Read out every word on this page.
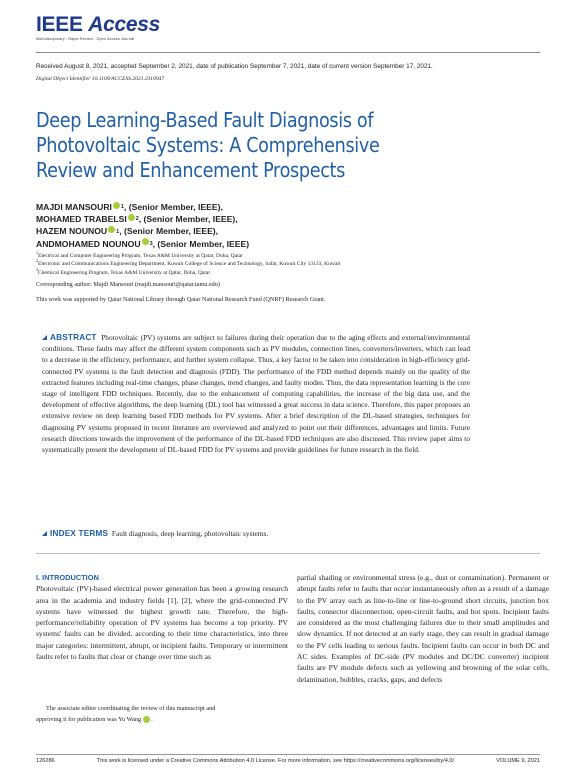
IEEE Access
Multidisciplinary : Rapid Review : Open Access Journal
Received August 8, 2021, accepted September 2, 2021, date of publication September 7, 2021, date of current version September 17, 2021.
Digital Object Identifier 10.1109/ACCESS.2021.3110947
Deep Learning-Based Fault Diagnosis of Photovoltaic Systems: A Comprehensive Review and Enhancement Prospects
MAJDI MANSOURI 1 , (Senior Member, IEEE),
MOHAMED TRABELSI 2 , (Senior Member, IEEE),
HAZEM NOUNOU 1 , (Senior Member, IEEE),
AND MOHAMED NOUNOU 3 , (Senior Member, IEEE)
$^1$Electrical and Computer Engineering Program, Texas A&M University at Qatar, Doha, Qatar
$^2$Electronic and Communications Engineering Department, Kuwait College of Science and Technology, Safat, Kuwait City 13133, Kuwait
$^3$Chemical Engineering Program, Texas A&M University at Qatar, Doha, Qatar
Corresponding author: Majdi Mansouri (majdi.mansouri@qatar.tamu.edu)
This work was supported by Qatar National Library through Qatar National Research Fund (QNRF) Research Grant.
ABSTRACT Photovoltaic (PV) systems are subject to failures during their operation due to the aging effects and external/environmental conditions. These faults may affect the different system components such as PV modules, connection lines, converters/inverters, which can lead to a decrease in the efficiency, performance, and further system collapse. Thus, a key factor to be taken into consideration in high-efficiency grid-connected PV systems is the fault detection and diagnosis (FDD). The performance of the FDD method depends mainly on the quality of the extracted features including real-time changes, phase changes, trend changes, and faulty modes. Thus, the data representation learning is the core stage of intelligent FDD techniques. Recently, due to the enhancement of computing capabilities, the increase of the big data use, and the development of effective algorithms, the deep learning (DL) tool has witnessed a great success in data science. Therefore, this paper proposes an extensive review on deep learning based FDD methods for PV systems. After a brief description of the DL-based strategies, techniques for diagnosing PV systems proposed in recent literature are overviewed and analyzed to point out their differences, advantages and limits. Future research directions towards the improvement of the performance of the DL-based FDD techniques are also discussed. This review paper aims to systematically present the development of DL-based FDD for PV systems and provide guidelines for future research in the field.
INDEX TERMS Fault diagnosis, deep learning, photovoltaic systems.
I. INTRODUCTION
Photovoltaic (PV)-based electrical power generation has been a growing research area in the academia and industry fields [1], [2], where the grid-connected PV systems have witnessed the highest growth rate. Therefore, the high-performance/reliability operation of PV systems has become a top priority. PV systems' faults can be divided, according to their time characteristics, into three major categories: intermittent, abrupt, or incipient faults. Temporary or intermittent faults refer to faults that clear or change over time such as
partial shading or environmental stress (e.g., dust or contamination). Permanent or abrupt faults refer to faults that occur instantaneously often as a result of a damage to the PV array such as line-to-line or line-to-ground short circuits, junction box faults, connector disconnection, open-circuit faults, and hot spots. Incipient faults are considered as the most challenging failures due to their small amplitudes and slow dynamics. If not detected at an early stage, they can result in gradual damage to the PV cells leading to serious faults. Incipient faults can occur in both DC and AC sides. Examples of DC-side (PV modules and DC/DC converter) incipient faults are PV module defects such as yellowing and browning of the solar cells, delamination, bubbles, cracks, gaps, and defects
The associate editor coordinating the review of this manuscript and
approving it for publication was Yu Wang .
126286	This work is licensed under a Creative Commons Attribution 4.0 License. For more information, see https://creativecommons.org/licenses/by/4.0/	VOLUME 9, 2021
